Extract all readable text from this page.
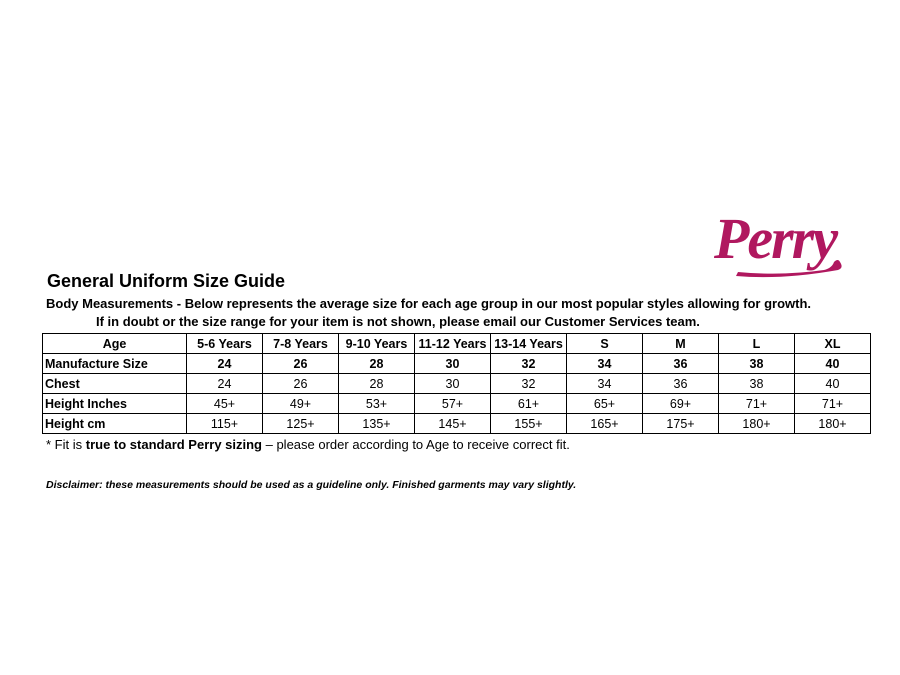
Perry
General Uniform Size Guide
Body Measurements - Below represents the average size for each age group in our most popular styles allowing for growth.
If in doubt or the size range for your item is not shown, please email our Customer Services team.
Age	5-6 Years	7-8 Years	9-10 Years	11-12 Years	13-14 Years	S	M	L	XL
Manufacture Size	24	26	28	30	32	34	36	38	40
Chest	24	26	28	30	32	34	36	38	40
Height Inches	45+	49+	53+	57+	61+	65+	69+	71+	71+
Height cm	115+	125+	135+	145+	155+	165+	175+	180+	180+
* Fit is true to standard Perry sizing – please order according to Age to receive correct fit.
Disclaimer: these measurements should be used as a guideline only. Finished garments may vary slightly.
